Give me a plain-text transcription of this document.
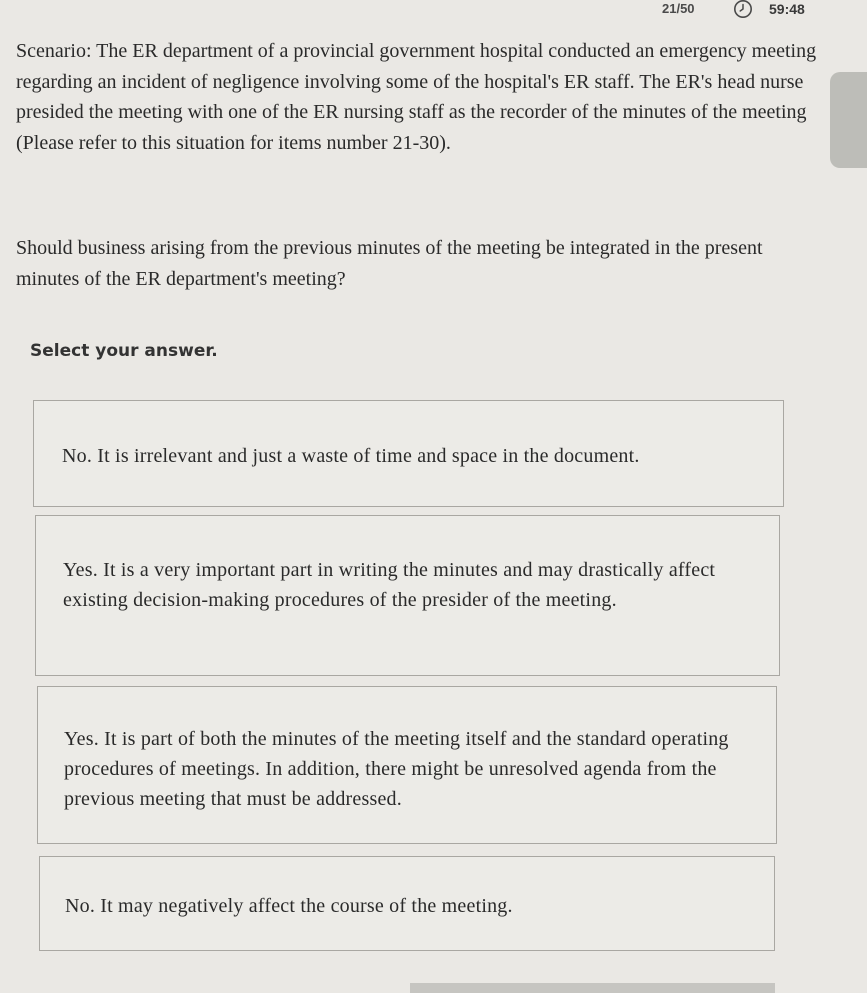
21/50	59:48

Scenario: The ER department of a provincial government hospital conducted an emergency meeting regarding an incident of negligence involving some of the hospital's ER staff. The ER's head nurse presided the meeting with one of the ER nursing staff as the recorder of the minutes of the meeting (Please refer to this situation for items number 21-30).

Should business arising from the previous minutes of the meeting be integrated in the present minutes of the ER department's meeting?

Select your answer.

No. It is irrelevant and just a waste of time and space in the document.
Yes. It is a very important part in writing the minutes and may drastically affect existing decision-making procedures of the presider of the meeting.
Yes. It is part of both the minutes of the meeting itself and the standard operating procedures of meetings. In addition, there might be unresolved agenda from the previous meeting that must be addressed.
No. It may negatively affect the course of the meeting.
